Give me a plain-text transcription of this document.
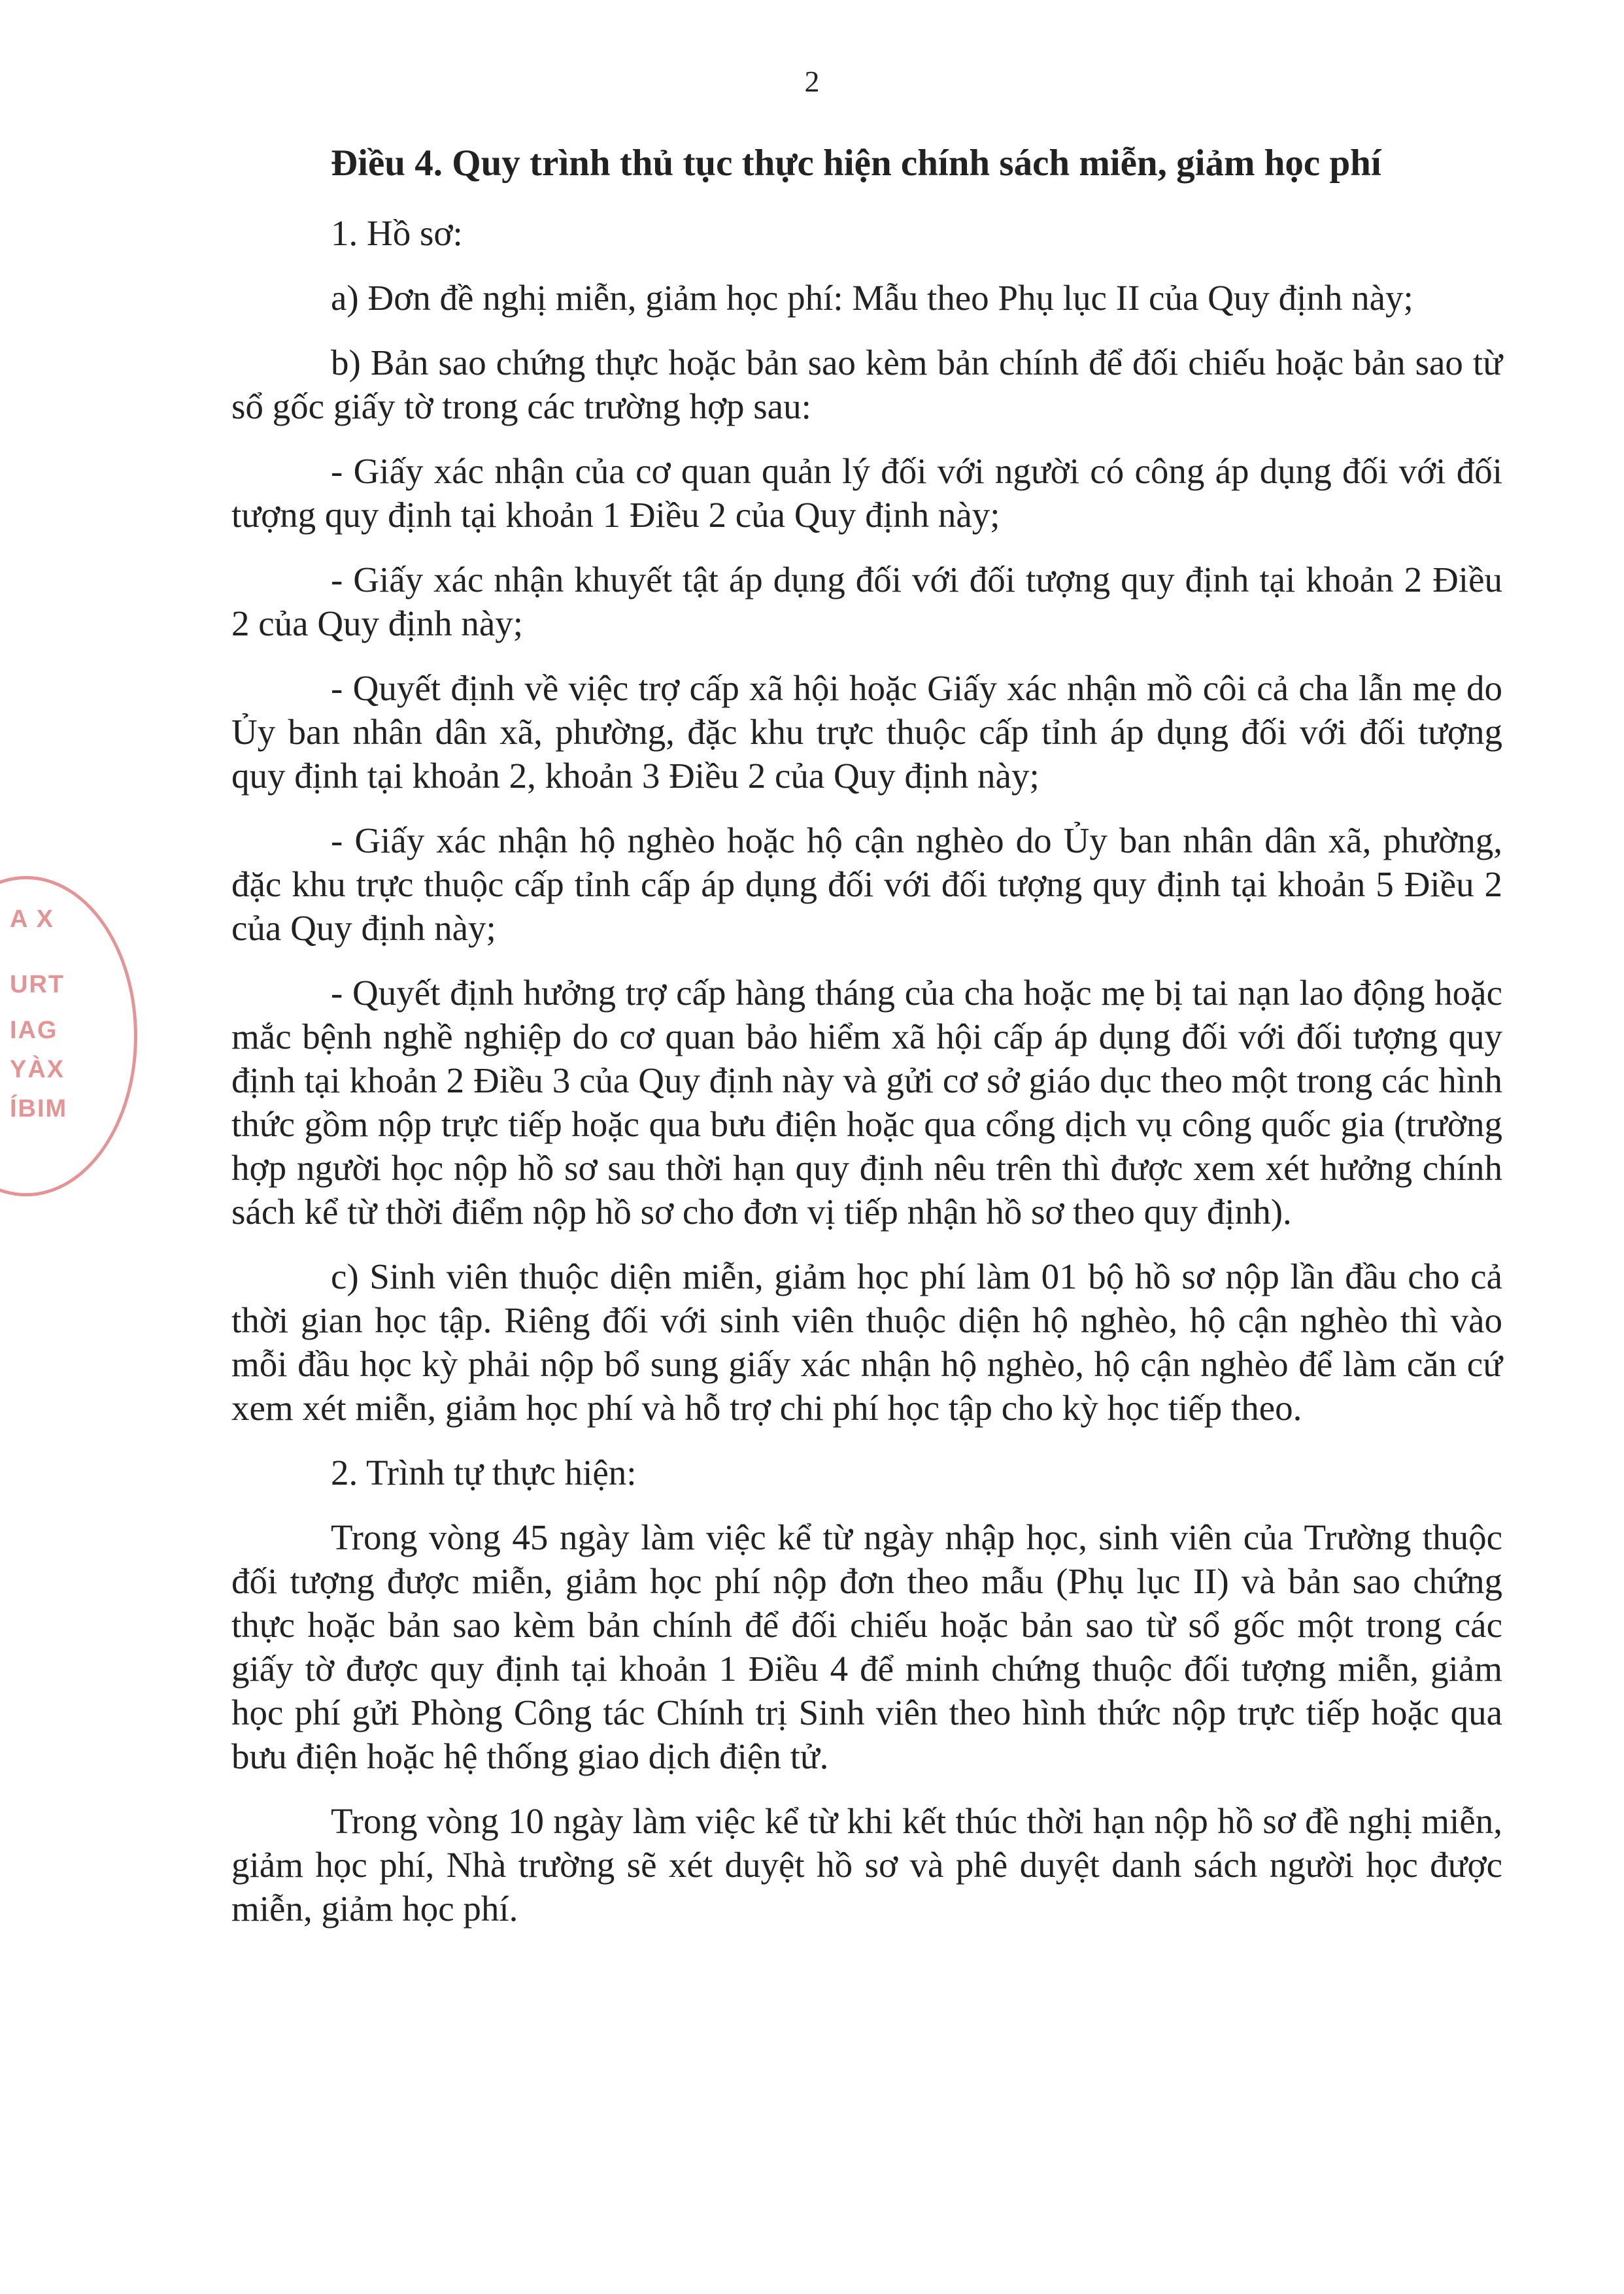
A X
URT
IAG
YÀX
ÍBIM
2

Điều 4. Quy trình thủ tục thực hiện chính sách miễn, giảm học phí

1. Hồ sơ:

a) Đơn đề nghị miễn, giảm học phí: Mẫu theo Phụ lục II của Quy định này;

b) Bản sao chứng thực hoặc bản sao kèm bản chính để đối chiếu hoặc bản sao từ sổ gốc giấy tờ trong các trường hợp sau:

- Giấy xác nhận của cơ quan quản lý đối với người có công áp dụng đối với đối tượng quy định tại khoản 1 Điều 2 của Quy định này;

- Giấy xác nhận khuyết tật áp dụng đối với đối tượng quy định tại khoản 2 Điều 2 của Quy định này;

- Quyết định về việc trợ cấp xã hội hoặc Giấy xác nhận mồ côi cả cha lẫn mẹ do Ủy ban nhân dân xã, phường, đặc khu trực thuộc cấp tỉnh áp dụng đối với đối tượng quy định tại khoản 2, khoản 3 Điều 2 của Quy định này;

- Giấy xác nhận hộ nghèo hoặc hộ cận nghèo do Ủy ban nhân dân xã, phường, đặc khu trực thuộc cấp tỉnh cấp áp dụng đối với đối tượng quy định tại khoản 5 Điều 2 của Quy định này;

- Quyết định hưởng trợ cấp hàng tháng của cha hoặc mẹ bị tai nạn lao động hoặc mắc bệnh nghề nghiệp do cơ quan bảo hiểm xã hội cấp áp dụng đối với đối tượng quy định tại khoản 2 Điều 3 của Quy định này và gửi cơ sở giáo dục theo một trong các hình thức gồm nộp trực tiếp hoặc qua bưu điện hoặc qua cổng dịch vụ công quốc gia (trường hợp người học nộp hồ sơ sau thời hạn quy định nêu trên thì được xem xét hưởng chính sách kể từ thời điểm nộp hồ sơ cho đơn vị tiếp nhận hồ sơ theo quy định).

c) Sinh viên thuộc diện miễn, giảm học phí làm 01 bộ hồ sơ nộp lần đầu cho cả thời gian học tập. Riêng đối với sinh viên thuộc diện hộ nghèo, hộ cận nghèo thì vào mỗi đầu học kỳ phải nộp bổ sung giấy xác nhận hộ nghèo, hộ cận nghèo để làm căn cứ xem xét miễn, giảm học phí và hỗ trợ chi phí học tập cho kỳ học tiếp theo.

2. Trình tự thực hiện:

Trong vòng 45 ngày làm việc kể từ ngày nhập học, sinh viên của Trường thuộc đối tượng được miễn, giảm học phí nộp đơn theo mẫu (Phụ lục II) và bản sao chứng thực hoặc bản sao kèm bản chính để đối chiếu hoặc bản sao từ sổ gốc một trong các giấy tờ được quy định tại khoản 1 Điều 4 để minh chứng thuộc đối tượng miễn, giảm học phí gửi Phòng Công tác Chính trị Sinh viên theo hình thức nộp trực tiếp hoặc qua bưu điện hoặc hệ thống giao dịch điện tử.

Trong vòng 10 ngày làm việc kể từ khi kết thúc thời hạn nộp hồ sơ đề nghị miễn, giảm học phí, Nhà trường sẽ xét duyệt hồ sơ và phê duyệt danh sách người học được miễn, giảm học phí.
